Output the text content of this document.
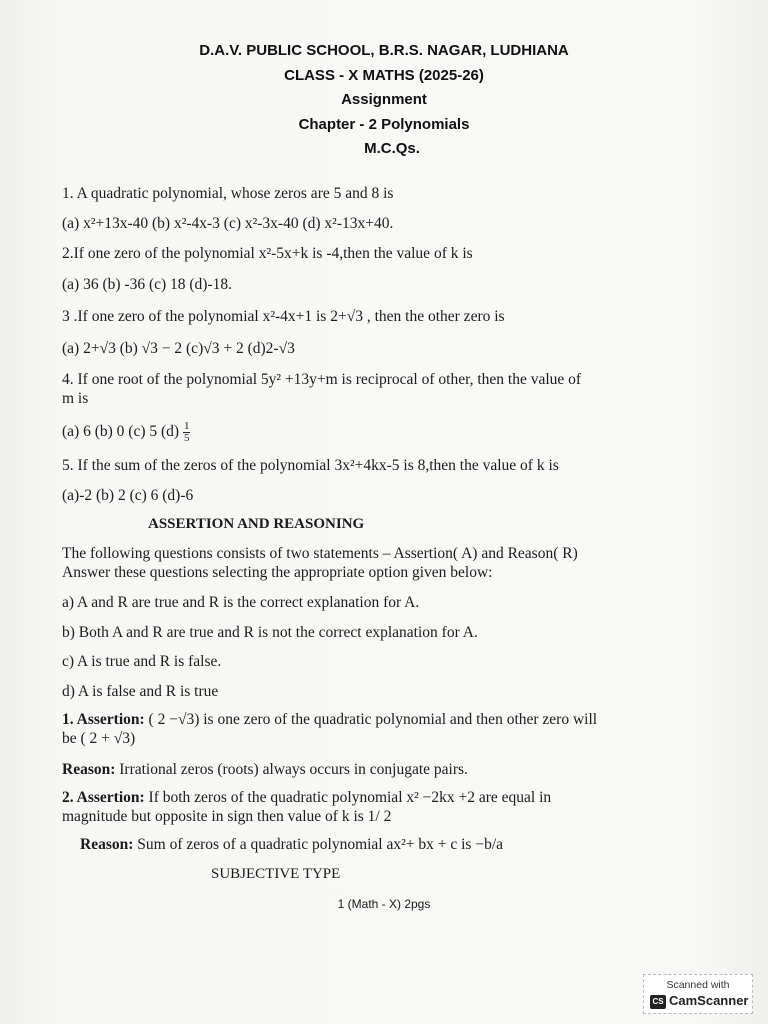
D.A.V. PUBLIC SCHOOL, B.R.S. NAGAR, LUDHIANA
CLASS - X MATHS (2025-26)
Assignment
Chapter - 2 Polynomials
M.C.Qs.
1. A quadratic polynomial, whose zeros are 5 and 8 is
(a) x²+13x-40 (b) x²-4x-3 (c) x²-3x-40 (d) x²-13x+40.
2.If one zero of the polynomial x²-5x+k is -4,then the value of k is
(a) 36 (b) -36 (c) 18 (d)-18.
3 .If one zero of the polynomial x²-4x+1 is 2+√3 , then the other zero is
(a) 2+√3 (b) √3 − 2 (c)√3 + 2 (d)2-√3
4. If one root of the polynomial 5y² +13y+m is reciprocal of other, then the value of
m is
(a) 6 (b) 0 (c) 5 $(d) \frac{1}{5}$
5. If the sum of the zeros of the polynomial 3x²+4kx-5 is 8,then the value of k is
(a)-2 (b) 2 (c) 6 (d)-6
ASSERTION AND REASONING
The following questions consists of two statements – Assertion( A) and Reason( R)
Answer these questions selecting the appropriate option given below:
a) A and R are true and R is the correct explanation for A.
b) Both A and R are true and R is not the correct explanation for A.
c) A is true and R is false.
d) A is false and R is true
1. Assertion: ( 2 −√3) is one zero of the quadratic polynomial and then other zero will
be ( 2 + √3)
Reason: Irrational zeros (roots) always occurs in conjugate pairs.
2. Assertion: If both zeros of the quadratic polynomial x² −2kx +2 are equal in
magnitude but opposite in sign then value of k is 1/ 2
Reason: Sum of zeros of a quadratic polynomial ax²+ bx + c is −b/a
SUBJECTIVE TYPE
1 (Math - X) 2pgs
Scanned with
CS CamScanner
